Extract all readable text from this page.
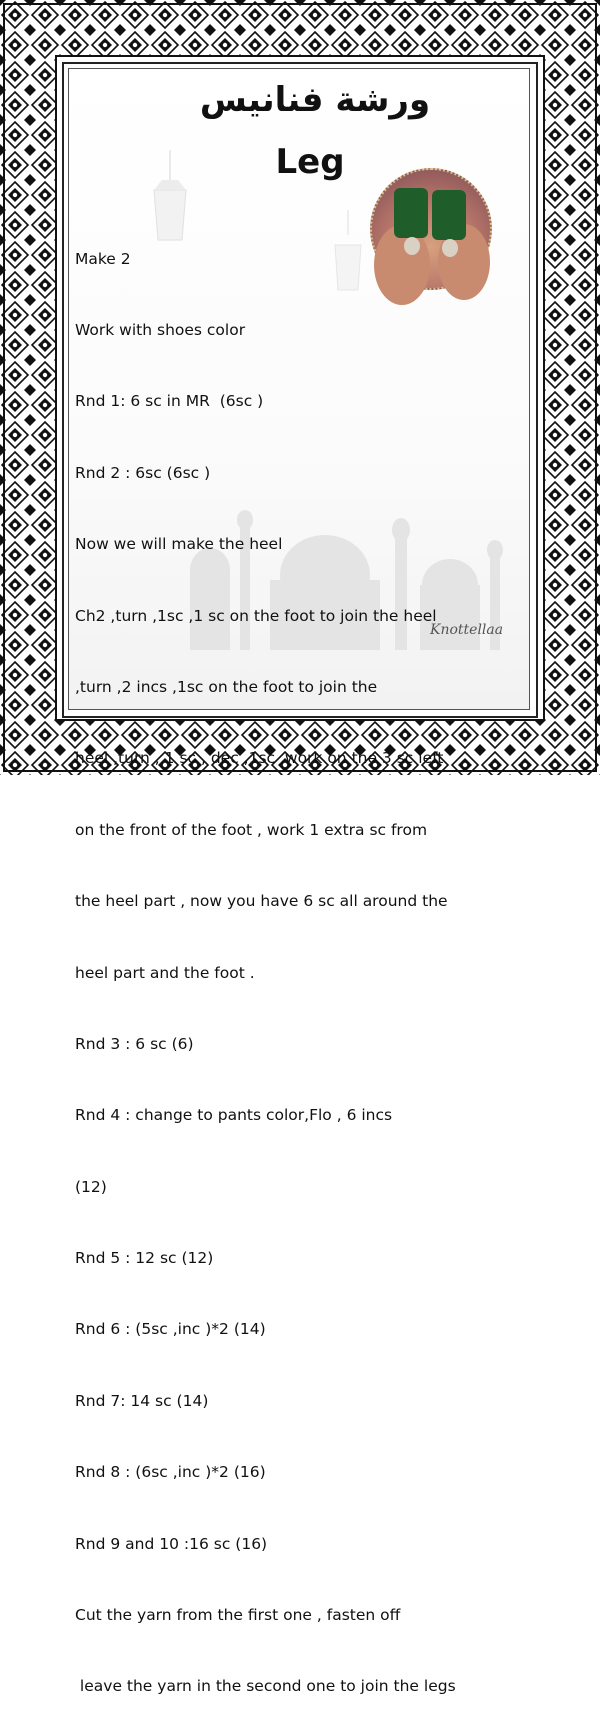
ورشة فنانيس
Leg

Make 2

Work with shoes color

Rnd 1: 6 sc in MR  (6sc )

Rnd 2 : 6sc (6sc )

Now we will make the heel

Ch2 ,turn ,1sc ,1 sc on the foot to join the heel

,turn ,2 incs ,1sc on the foot to join the

heel ,turn , 1 sc , dec ,1sc ,work on the 3 sc left

on the front of the foot , work 1 extra sc from

the heel part , now you have 6 sc all around the

heel part and the foot .

Rnd 3 : 6 sc (6)

Rnd 4 : change to pants color,Flo , 6 incs

(12)

Rnd 5 : 12 sc (12)

Rnd 6 : (5sc ,inc )*2 (14)

Rnd 7: 14 sc (14)

Rnd 8 : (6sc ,inc )*2 (16)

Rnd 9 and 10 :16 sc (16)

Cut the yarn from the first one , fasten off

leave the yarn in the second one to join the legs

Knottellaa
